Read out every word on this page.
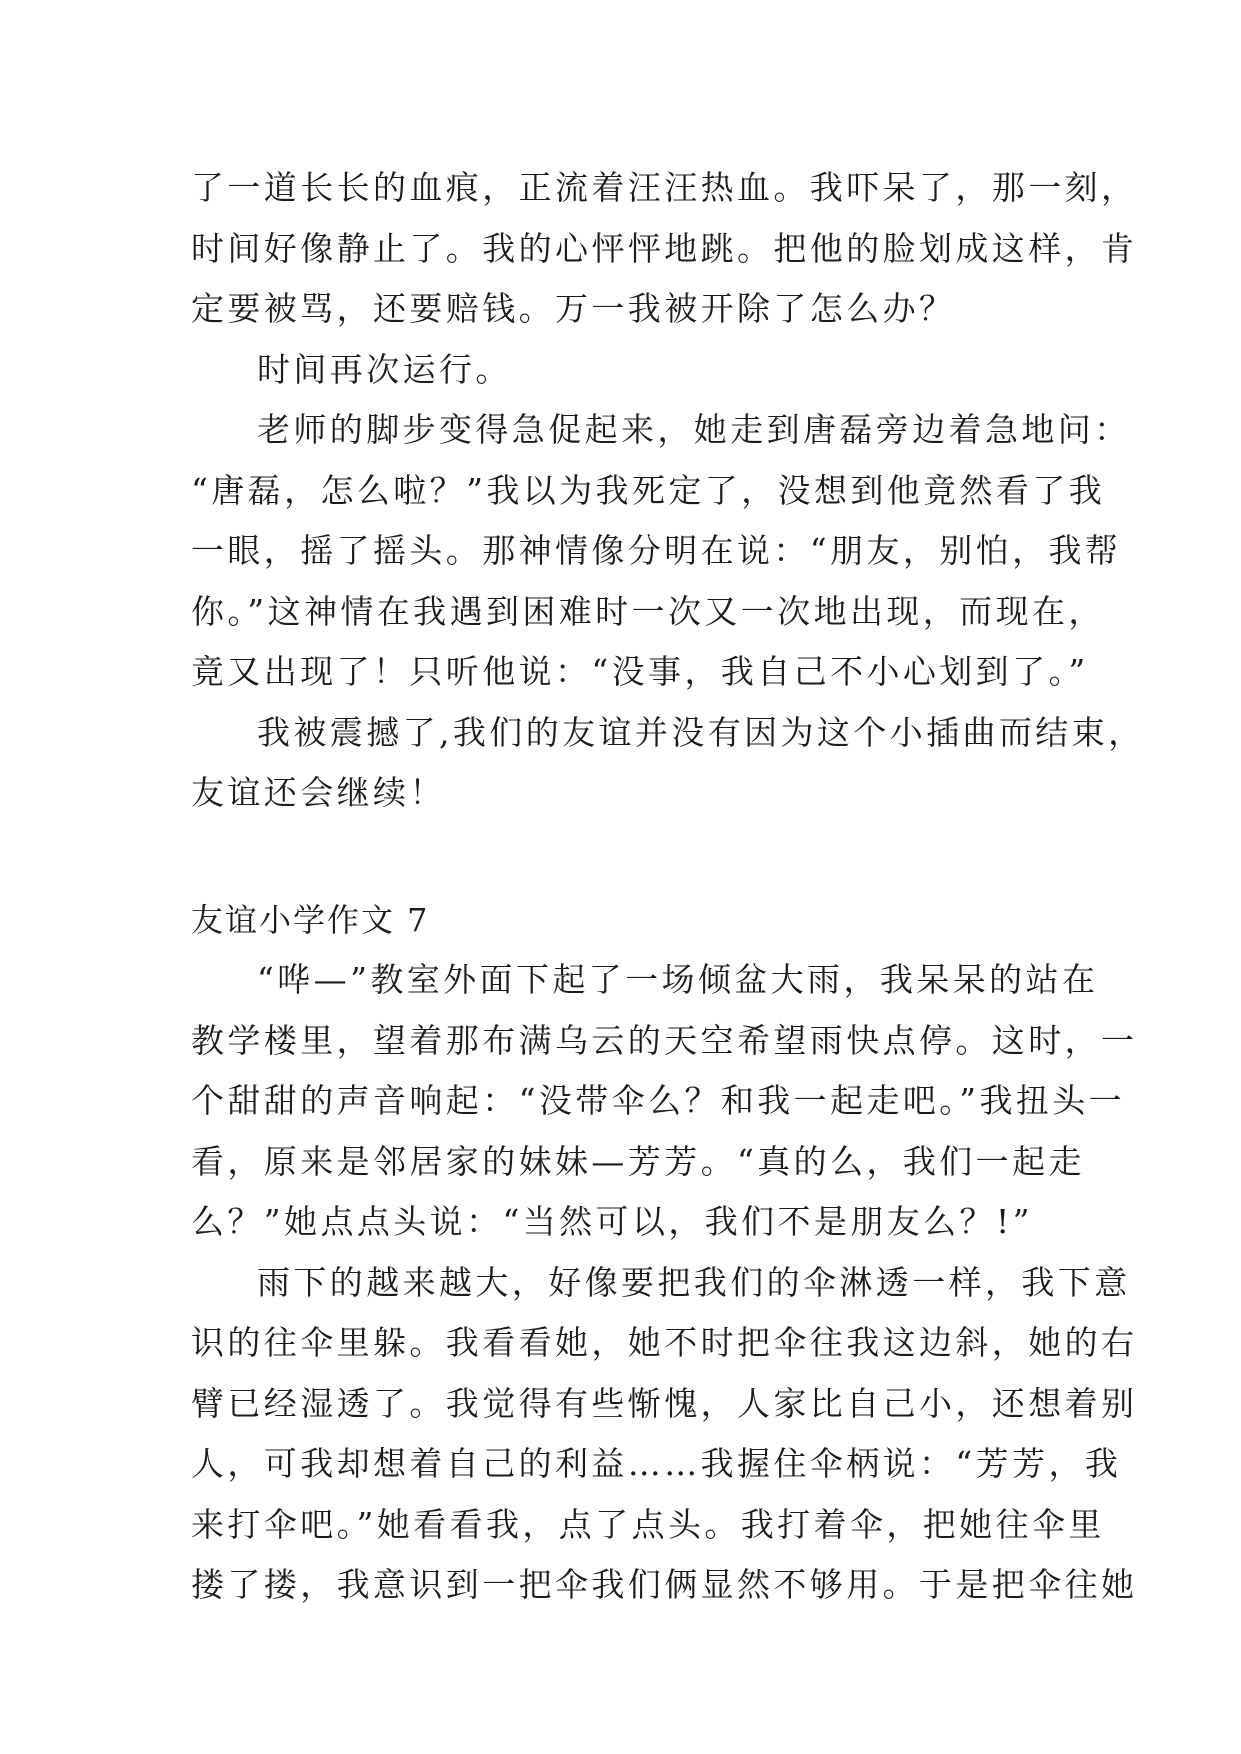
了一道长长的血痕，正流着汪汪热血。我吓呆了，那一刻，
时间好像静止了。我的心怦怦地跳。把他的脸划成这样，肯
定要被骂，还要赔钱。万一我被开除了怎么办？
时间再次运行。
老师的脚步变得急促起来，她走到唐磊旁边着急地问：
“唐磊，怎么啦？”我以为我死定了，没想到他竟然看了我
一眼，摇了摇头。那神情像分明在说：“朋友，别怕，我帮
你。”这神情在我遇到困难时一次又一次地出现，而现在，
竟又出现了！只听他说：“没事，我自己不小心划到了。”
我被震撼了,我们的友谊并没有因为这个小插曲而结束，
友谊还会继续！
友谊小学作文 7
“哗—”教室外面下起了一场倾盆大雨，我呆呆的站在
教学楼里，望着那布满乌云的天空希望雨快点停。这时，一
个甜甜的声音响起：“没带伞么？和我一起走吧。”我扭头一
看，原来是邻居家的妹妹—芳芳。“真的么，我们一起走
么？”她点点头说：“当然可以，我们不是朋友么？!”
雨下的越来越大，好像要把我们的伞淋透一样，我下意
识的往伞里躲。我看看她，她不时把伞往我这边斜，她的右
臂已经湿透了。我觉得有些惭愧，人家比自己小，还想着别
人，可我却想着自己的利益……我握住伞柄说：“芳芳，我
来打伞吧。”她看看我，点了点头。我打着伞，把她往伞里
搂了搂，我意识到一把伞我们俩显然不够用。于是把伞往她
